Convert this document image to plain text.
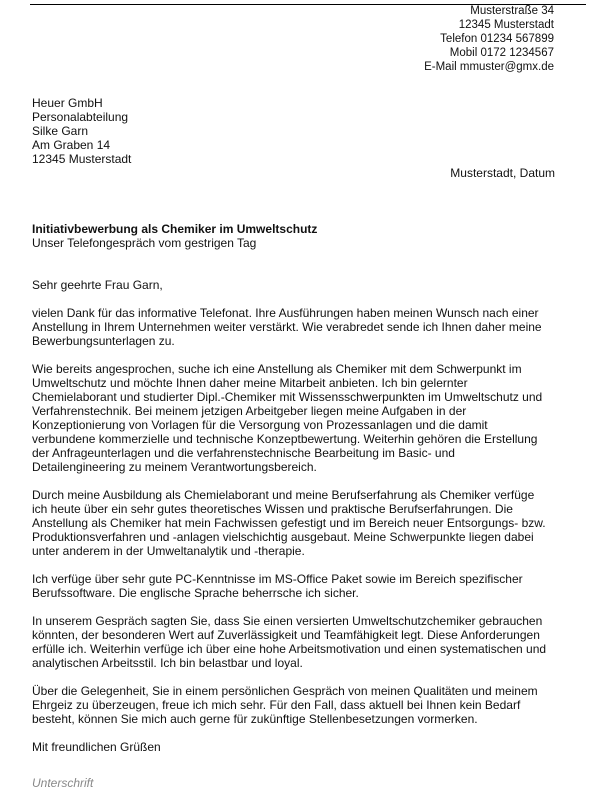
Musterstraße 34
12345 Musterstadt
Telefon 01234 567899
Mobil 0172 1234567
E-Mail mmuster@gmx.de
Heuer GmbH
Personalabteilung
Silke Garn
Am Graben 14
12345 Musterstadt
Musterstadt, Datum
Initiativbewerbung als Chemiker im Umweltschutz
Unser Telefongespräch vom gestrigen Tag
Sehr geehrte Frau Garn,
vielen Dank für das informative Telefonat. Ihre Ausführungen haben meinen Wunsch nach einer
Anstellung in Ihrem Unternehmen weiter verstärkt. Wie verabredet sende ich Ihnen daher meine
Bewerbungsunterlagen zu.
Wie bereits angesprochen, suche ich eine Anstellung als Chemiker mit dem Schwerpunkt im
Umweltschutz und möchte Ihnen daher meine Mitarbeit anbieten. Ich bin gelernter
Chemielaborant und studierter Dipl.-Chemiker mit Wissensschwerpunkten im Umweltschutz und
Verfahrenstechnik. Bei meinem jetzigen Arbeitgeber liegen meine Aufgaben in der
Konzeptionierung von Vorlagen für die Versorgung von Prozessanlagen und die damit
verbundene kommerzielle und technische Konzeptbewertung. Weiterhin gehören die Erstellung
der Anfrageunterlagen und die verfahrenstechnische Bearbeitung im Basic- und
Detailengineering zu meinem Verantwortungsbereich.
Durch meine Ausbildung als Chemielaborant und meine Berufserfahrung als Chemiker verfüge
ich heute über ein sehr gutes theoretisches Wissen und praktische Berufserfahrungen. Die
Anstellung als Chemiker hat mein Fachwissen gefestigt und im Bereich neuer Entsorgungs- bzw.
Produktionsverfahren und -anlagen vielschichtig ausgebaut. Meine Schwerpunkte liegen dabei
unter anderem in der Umweltanalytik und -therapie.
Ich verfüge über sehr gute PC-Kenntnisse im MS-Office Paket sowie im Bereich spezifischer
Berufssoftware. Die englische Sprache beherrsche ich sicher.
In unserem Gespräch sagten Sie, dass Sie einen versierten Umweltschutzchemiker gebrauchen
könnten, der besonderen Wert auf Zuverlässigkeit und Teamfähigkeit legt. Diese Anforderungen
erfülle ich. Weiterhin verfüge ich über eine hohe Arbeitsmotivation und einen systematischen und
analytischen Arbeitsstil. Ich bin belastbar und loyal.
Über die Gelegenheit, Sie in einem persönlichen Gespräch von meinen Qualitäten und meinem
Ehrgeiz zu überzeugen, freue ich mich sehr. Für den Fall, dass aktuell bei Ihnen kein Bedarf
besteht, können Sie mich auch gerne für zukünftige Stellenbesetzungen vormerken.
Mit freundlichen Grüßen
Unterschrift
